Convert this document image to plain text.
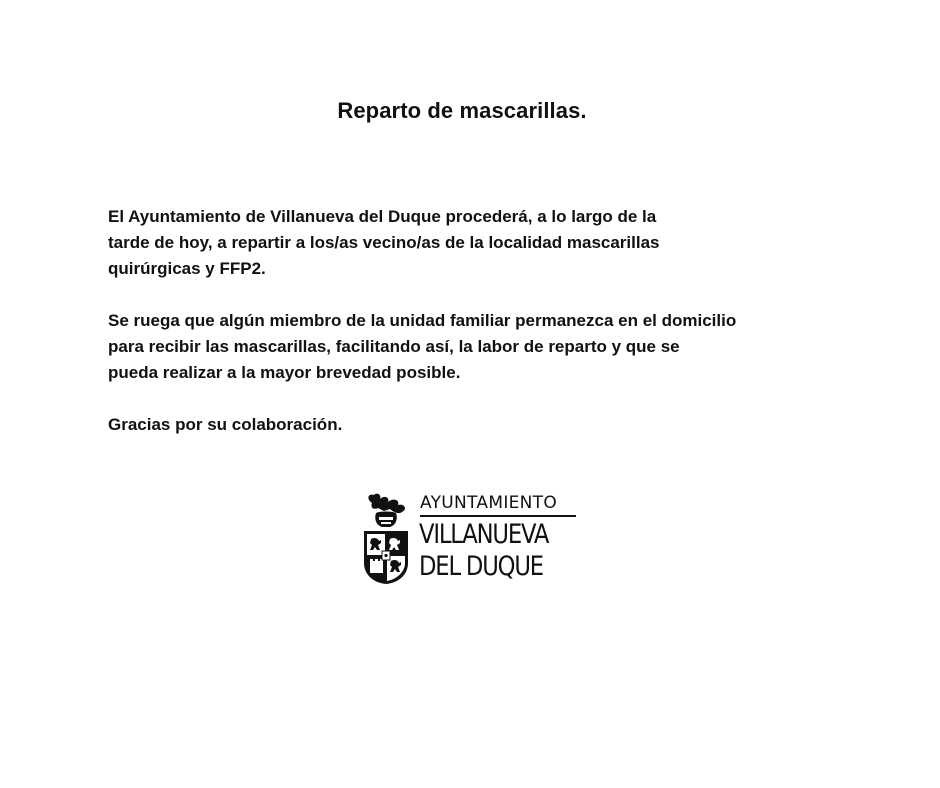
Reparto de mascarillas.
El Ayuntamiento de Villanueva del Duque procederá, a lo largo de la
tarde de hoy, a repartir a los/as vecino/as de la localidad mascarillas
quirúrgicas y FFP2.
Se ruega que algún miembro de la unidad familiar permanezca en el domicilio
para recibir las mascarillas, facilitando así, la labor de reparto y que se
pueda realizar a la mayor brevedad posible.
Gracias por su colaboración.
AYUNTAMIENTO
VILLANUEVA
DEL DUQUE
